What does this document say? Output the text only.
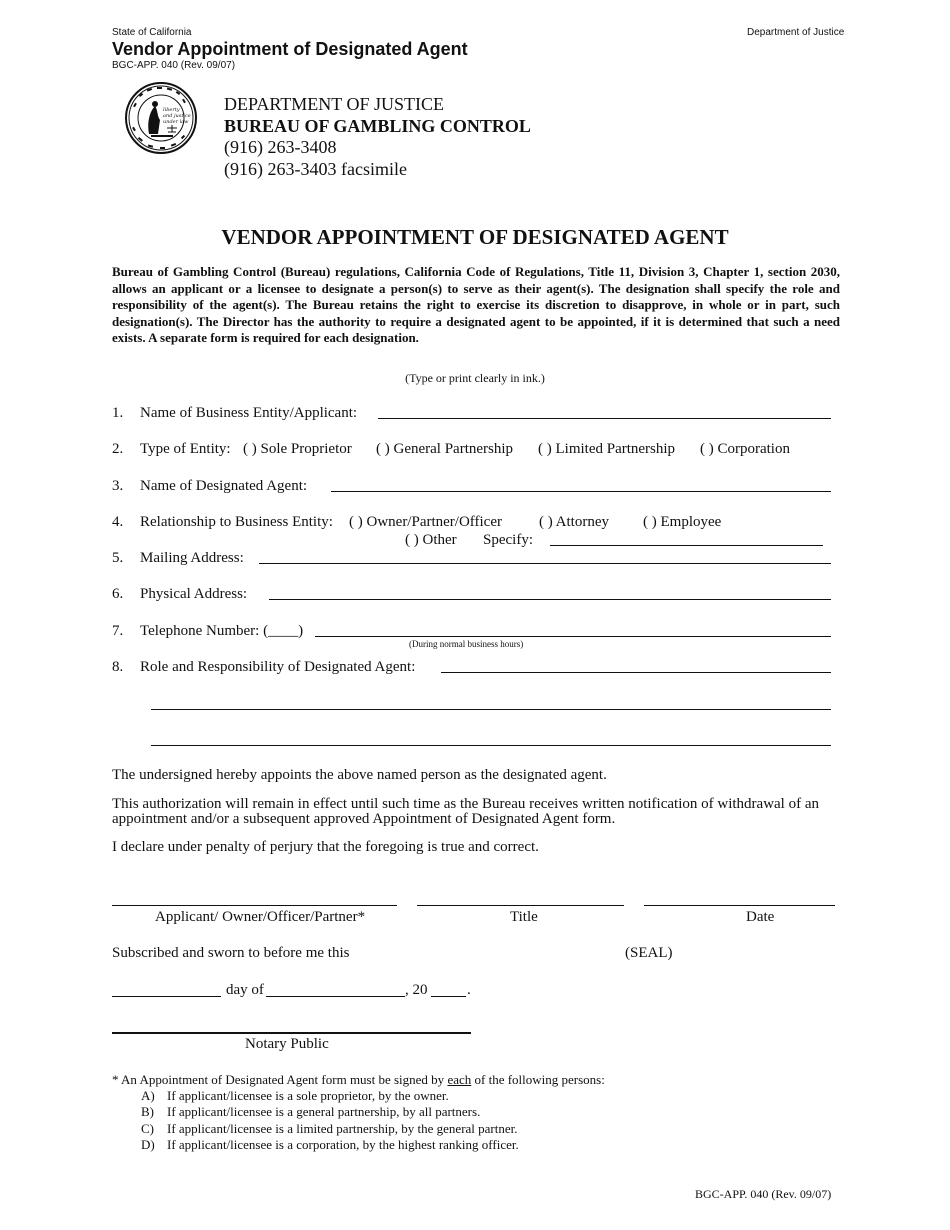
State of California
Vendor Appointment of Designated Agent
BGC-APP. 040 (Rev. 09/07)
Department of Justice
liberty
and justice
under law
DEPARTMENT OF JUSTICE
BUREAU OF GAMBLING CONTROL
(916) 263-3408
(916) 263-3403 facsimile
VENDOR APPOINTMENT OF DESIGNATED AGENT
Bureau of Gambling Control (Bureau) regulations, California Code of Regulations, Title 11, Division 3, Chapter 1, section 2030, allows an applicant or a licensee to designate a person(s) to serve as their agent(s). The designation shall specify the role and responsibility of the agent(s). The Bureau retains the right to exercise its discretion to disapprove, in whole or in part, such designation(s). The Director has the authority to require a designated agent to be appointed, if it is determined that such a need exists. A separate form is required for each designation.
(Type or print clearly in ink.)
1. Name of Business Entity/Applicant:
2. Type of Entity: ( ) Sole Proprietor ( ) General Partnership ( ) Limited Partnership ( ) Corporation
3. Name of Designated Agent:
4. Relationship to Business Entity: ( ) Owner/Partner/Officer ( ) Attorney ( ) Employee
( ) Other Specify:
5. Mailing Address:
6. Physical Address:
7. Telephone Number: (____)
(During normal business hours)
8. Role and Responsibility of Designated Agent:
The undersigned hereby appoints the above named person as the designated agent.
This authorization will remain in effect until such time as the Bureau receives written notification of withdrawal of an appointment and/or a subsequent approved Appointment of Designated Agent form.
I declare under penalty of perjury that the foregoing is true and correct.
Applicant/ Owner/Officer/Partner*	Title	Date
Subscribed and sworn to before me this	(SEAL)
day of	, 20	.
Notary Public
* An Appointment of Designated Agent form must be signed by each of the following persons:
A) If applicant/licensee is a sole proprietor, by the owner.
B) If applicant/licensee is a general partnership, by all partners.
C) If applicant/licensee is a limited partnership, by the general partner.
D) If applicant/licensee is a corporation, by the highest ranking officer.
BGC-APP. 040 (Rev. 09/07)
